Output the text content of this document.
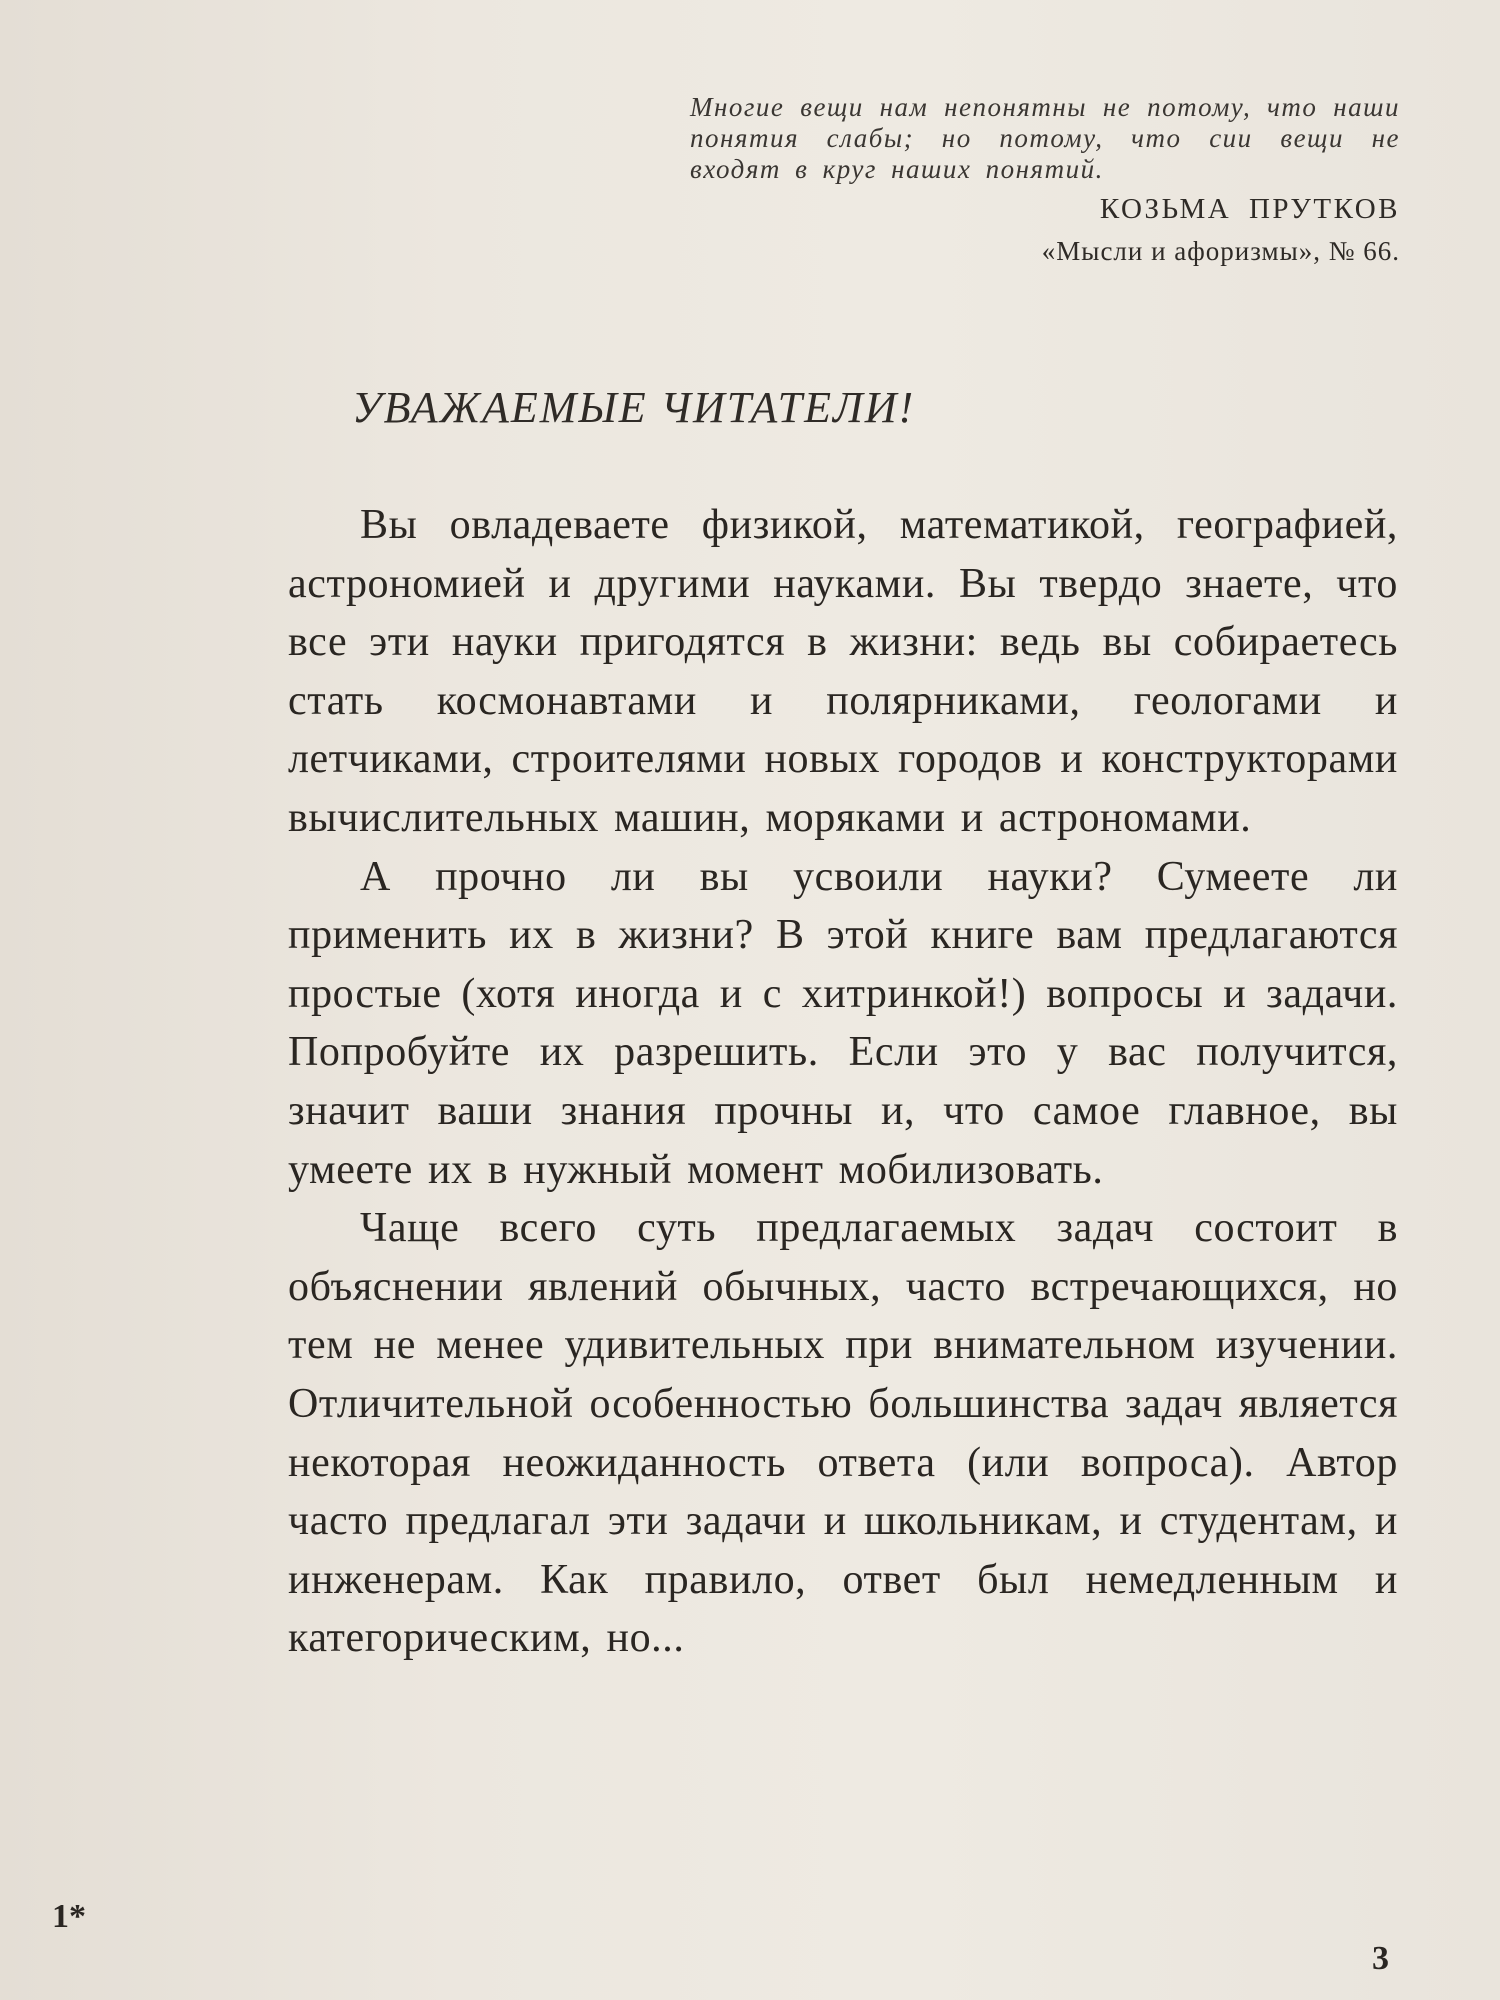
Многие вещи нам непонятны не потому, что наши понятия слабы; но потому, что сии вещи не входят в круг наших понятий.

КОЗЬМА ПРУТКОВ

«Мысли и афоризмы», № 66.

УВАЖАЕМЫЕ ЧИТАТЕЛИ!

Вы овладеваете физикой, математикой, географией, астрономией и другими науками. Вы твердо знаете, что все эти науки пригодятся в жизни: ведь вы собираетесь стать космонавтами и полярниками, геологами и летчиками, строителями новых городов и конструкторами вычислительных машин, моряками и астрономами.

А прочно ли вы усвоили науки? Сумеете ли применить их в жизни? В этой книге вам предлагаются простые (хотя иногда и с хитринкой!) вопросы и задачи. Попробуйте их разрешить. Если это у вас получится, значит ваши знания прочны и, что самое главное, вы умеете их в нужный момент мобилизовать.

Чаще всего суть предлагаемых задач состоит в объяснении явлений обычных, часто встречающихся, но тем не менее удивительных при внимательном изучении. Отличительной особенностью большинства задач является некоторая неожиданность ответа (или вопроса). Автор часто предлагал эти задачи и школьникам, и студентам, и инженерам. Как правило, ответ был немедленным и категорическим, но...

1*
3
